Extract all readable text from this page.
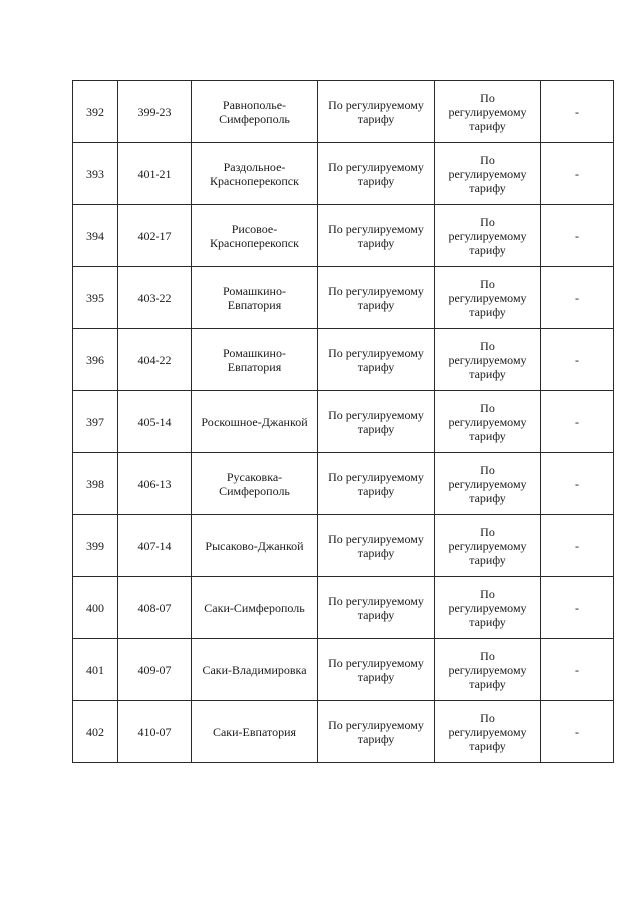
392	399-23	Равнополье-
Симферополь	По регулируемому
тарифу	По
регулируемому
тарифу	-
393	401-21	Раздольное-
Красноперекопск	По регулируемому
тарифу	По
регулируемому
тарифу	-
394	402-17	Рисовое-
Красноперекопск	По регулируемому
тарифу	По
регулируемому
тарифу	-
395	403-22	Ромашкино-
Евпатория	По регулируемому
тарифу	По
регулируемому
тарифу	-
396	404-22	Ромашкино-
Евпатория	По регулируемому
тарифу	По
регулируемому
тарифу	-
397	405-14	Роскошное-Джанкой	По регулируемому
тарифу	По
регулируемому
тарифу	-
398	406-13	Русаковка-
Симферополь	По регулируемому
тарифу	По
регулируемому
тарифу	-
399	407-14	Рысаково-Джанкой	По регулируемому
тарифу	По
регулируемому
тарифу	-
400	408-07	Саки-Симферополь	По регулируемому
тарифу	По
регулируемому
тарифу	-
401	409-07	Саки-Владимировка	По регулируемому
тарифу	По
регулируемому
тарифу	-
402	410-07	Саки-Евпатория	По регулируемому
тарифу	По
регулируемому
тарифу	-
